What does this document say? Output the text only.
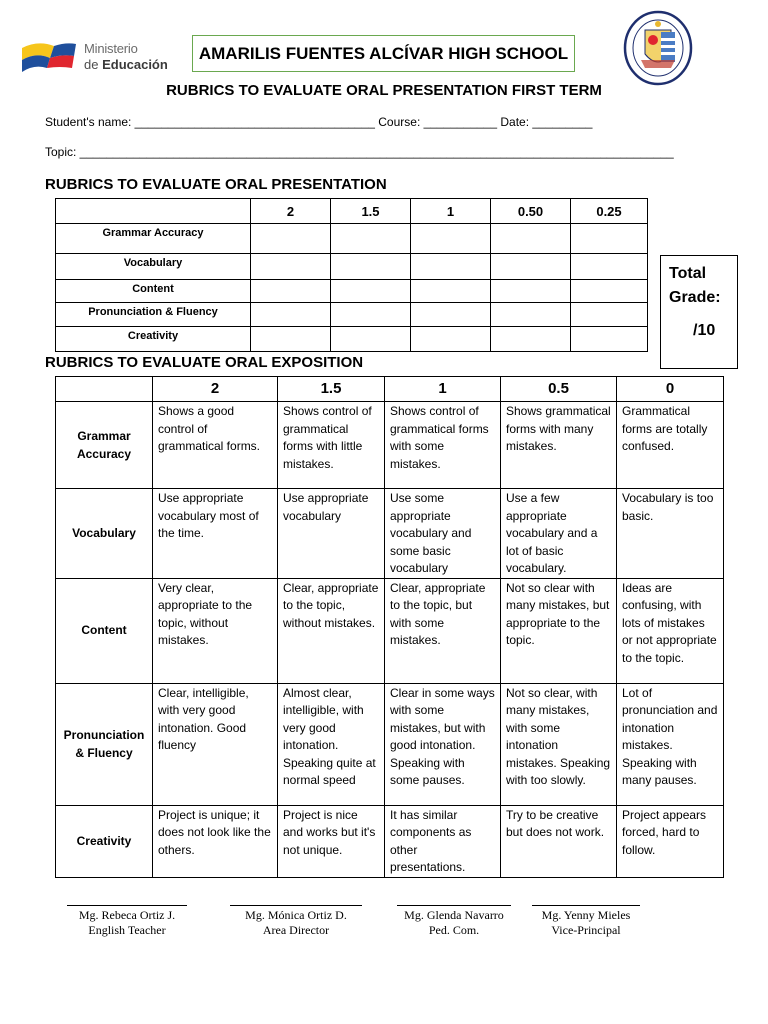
Ministerio
de Educación
AMARILIS FUENTES ALCÍVAR HIGH SCHOOL
RUBRICS TO EVALUATE ORAL PRESENTATION FIRST TERM
Student's name: ____________________________________ Course: ___________ Date: _________
Topic: _________________________________________________________________________________________
RUBRICS TO EVALUATE ORAL PRESENTATION
	2	1.5	1	0.50	0.25
Grammar Accuracy					
Vocabulary					
Content					
Pronunciation & Fluency					
Creativity					
Total
Grade:
/10
RUBRICS TO EVALUATE ORAL EXPOSITION
	2	1.5	1	0.5	0
Grammar Accuracy	Shows a good control of grammatical forms.	Shows control of grammatical forms with little mistakes.	Shows control of grammatical forms with some mistakes.	Shows grammatical forms with many mistakes.	Grammatical forms are totally confused.
Vocabulary	Use appropriate vocabulary most of the time.	Use appropriate vocabulary	Use some appropriate vocabulary and some basic vocabulary	Use a few appropriate vocabulary and a lot of basic vocabulary.	Vocabulary is too basic.
Content	Very clear, appropriate to the topic, without mistakes.	Clear, appropriate to the topic, without mistakes.	Clear, appropriate to the topic, but with some mistakes.	Not so clear with many mistakes, but appropriate to the topic.	Ideas are confusing, with lots of mistakes or not appropriate to the topic.
Pronunciation & Fluency	Clear, intelligible, with very good intonation. Good fluency	Almost clear, intelligible, with very good intonation. Speaking quite at normal speed	Clear in some ways with some mistakes, but with good intonation. Speaking with some pauses.	Not so clear, with many mistakes, with some intonation mistakes. Speaking with too slowly.	Lot of pronunciation and intonation mistakes. Speaking with many pauses.
Creativity	Project is unique; it does not look like the others.	Project is nice and works but it's not unique.	It has similar components as other presentations.	Try to be creative but does not work.	Project appears forced, hard to follow.
Mg. Rebeca Ortiz J.
English Teacher
Mg. Mónica Ortiz D.
Area Director
Mg. Glenda Navarro
Ped. Com.
Mg. Yenny Mieles
Vice-Principal
